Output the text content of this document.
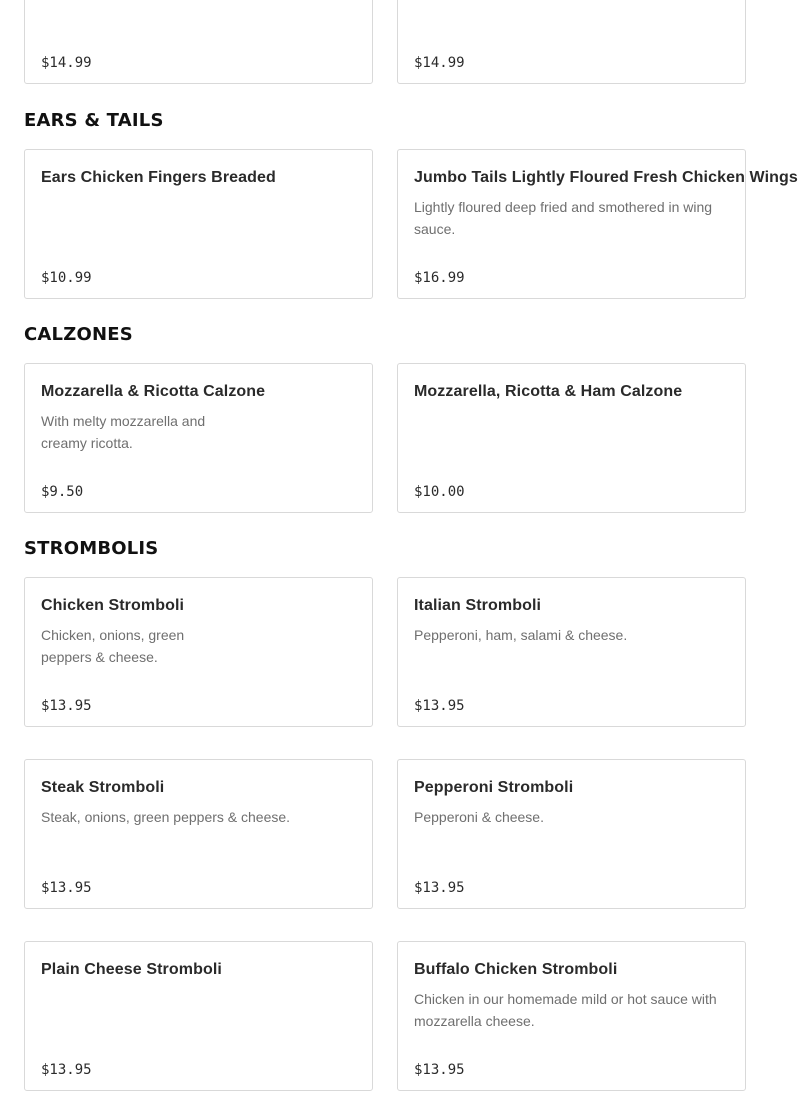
$14.99	$14.99
EARS & TAILS
Ears Chicken Fingers Breaded
$10.99
Jumbo Tails Lightly Floured Fresh Chicken Wings
Lightly floured deep fried and smothered in wing sauce.
$16.99
CALZONES
Mozzarella & Ricotta Calzone
With melty mozzarella and creamy ricotta.
$9.50
Mozzarella, Ricotta & Ham Calzone
$10.00
STROMBOLIS
Chicken Stromboli
Chicken, onions, green peppers & cheese.
$13.95
Italian Stromboli
Pepperoni, ham, salami & cheese.
$13.95
Steak Stromboli
Steak, onions, green peppers & cheese.
$13.95
Pepperoni Stromboli
Pepperoni & cheese.
$13.95
Plain Cheese Stromboli
$13.95
Buffalo Chicken Stromboli
Chicken in our homemade mild or hot sauce with mozzarella cheese.
$13.95
